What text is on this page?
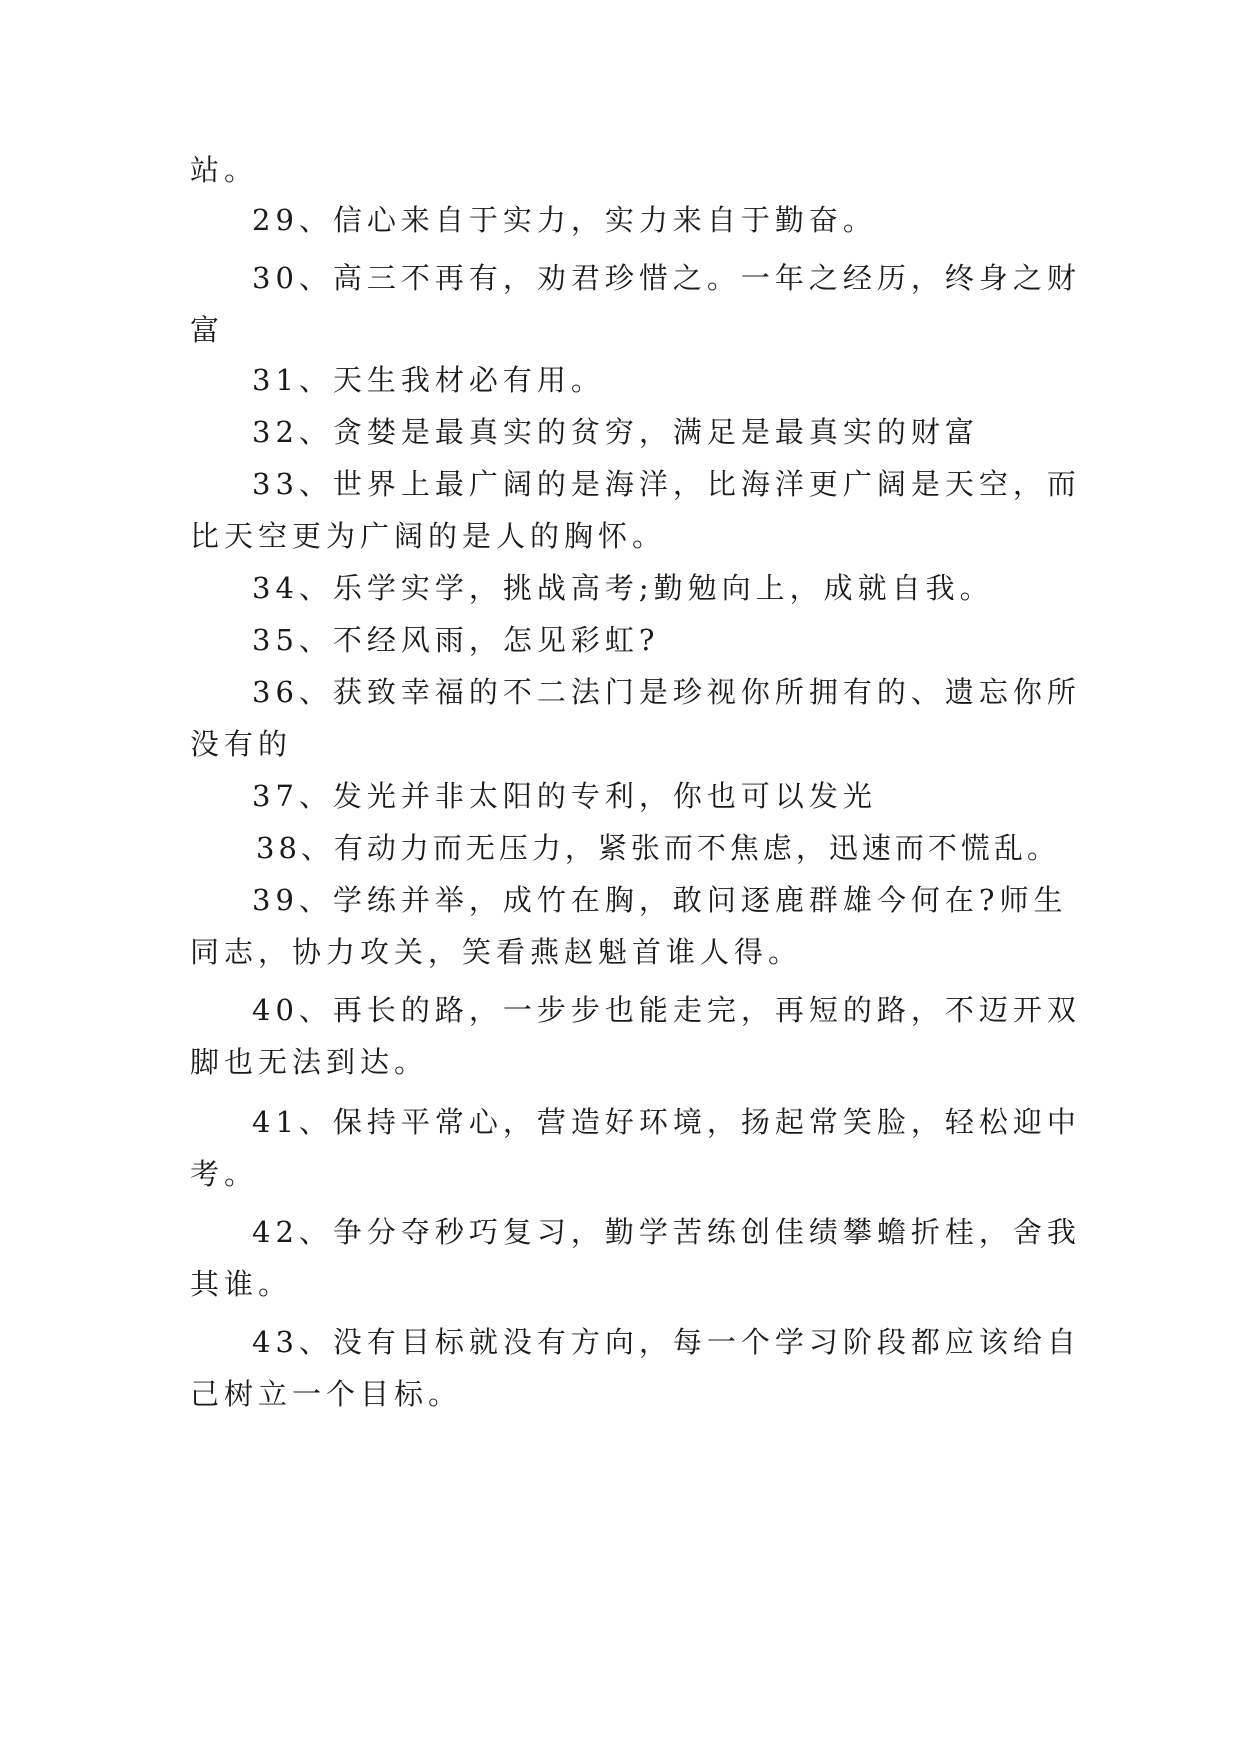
站。
29、信心来自于实力，实力来自于勤奋。
30、高三不再有，劝君珍惜之。一年之经历，终身之财
富
31、天生我材必有用。
32、贪婪是最真实的贫穷，满足是最真实的财富
33、世界上最广阔的是海洋，比海洋更广阔是天空，而
比天空更为广阔的是人的胸怀。
34、乐学实学，挑战高考;勤勉向上，成就自我。
35、不经风雨，怎见彩虹?
36、获致幸福的不二法门是珍视你所拥有的、遗忘你所
没有的
37、发光并非太阳的专利，你也可以发光
38、有动力而无压力，紧张而不焦虑，迅速而不慌乱。
39、学练并举，成竹在胸，敢问逐鹿群雄今何在?师生
同志，协力攻关，笑看燕赵魁首谁人得。
40、再长的路，一步步也能走完，再短的路，不迈开双
脚也无法到达。
41、保持平常心，营造好环境，扬起常笑脸，轻松迎中
考。
42、争分夺秒巧复习，勤学苦练创佳绩攀蟾折桂，舍我
其谁。
43、没有目标就没有方向，每一个学习阶段都应该给自
己树立一个目标。
